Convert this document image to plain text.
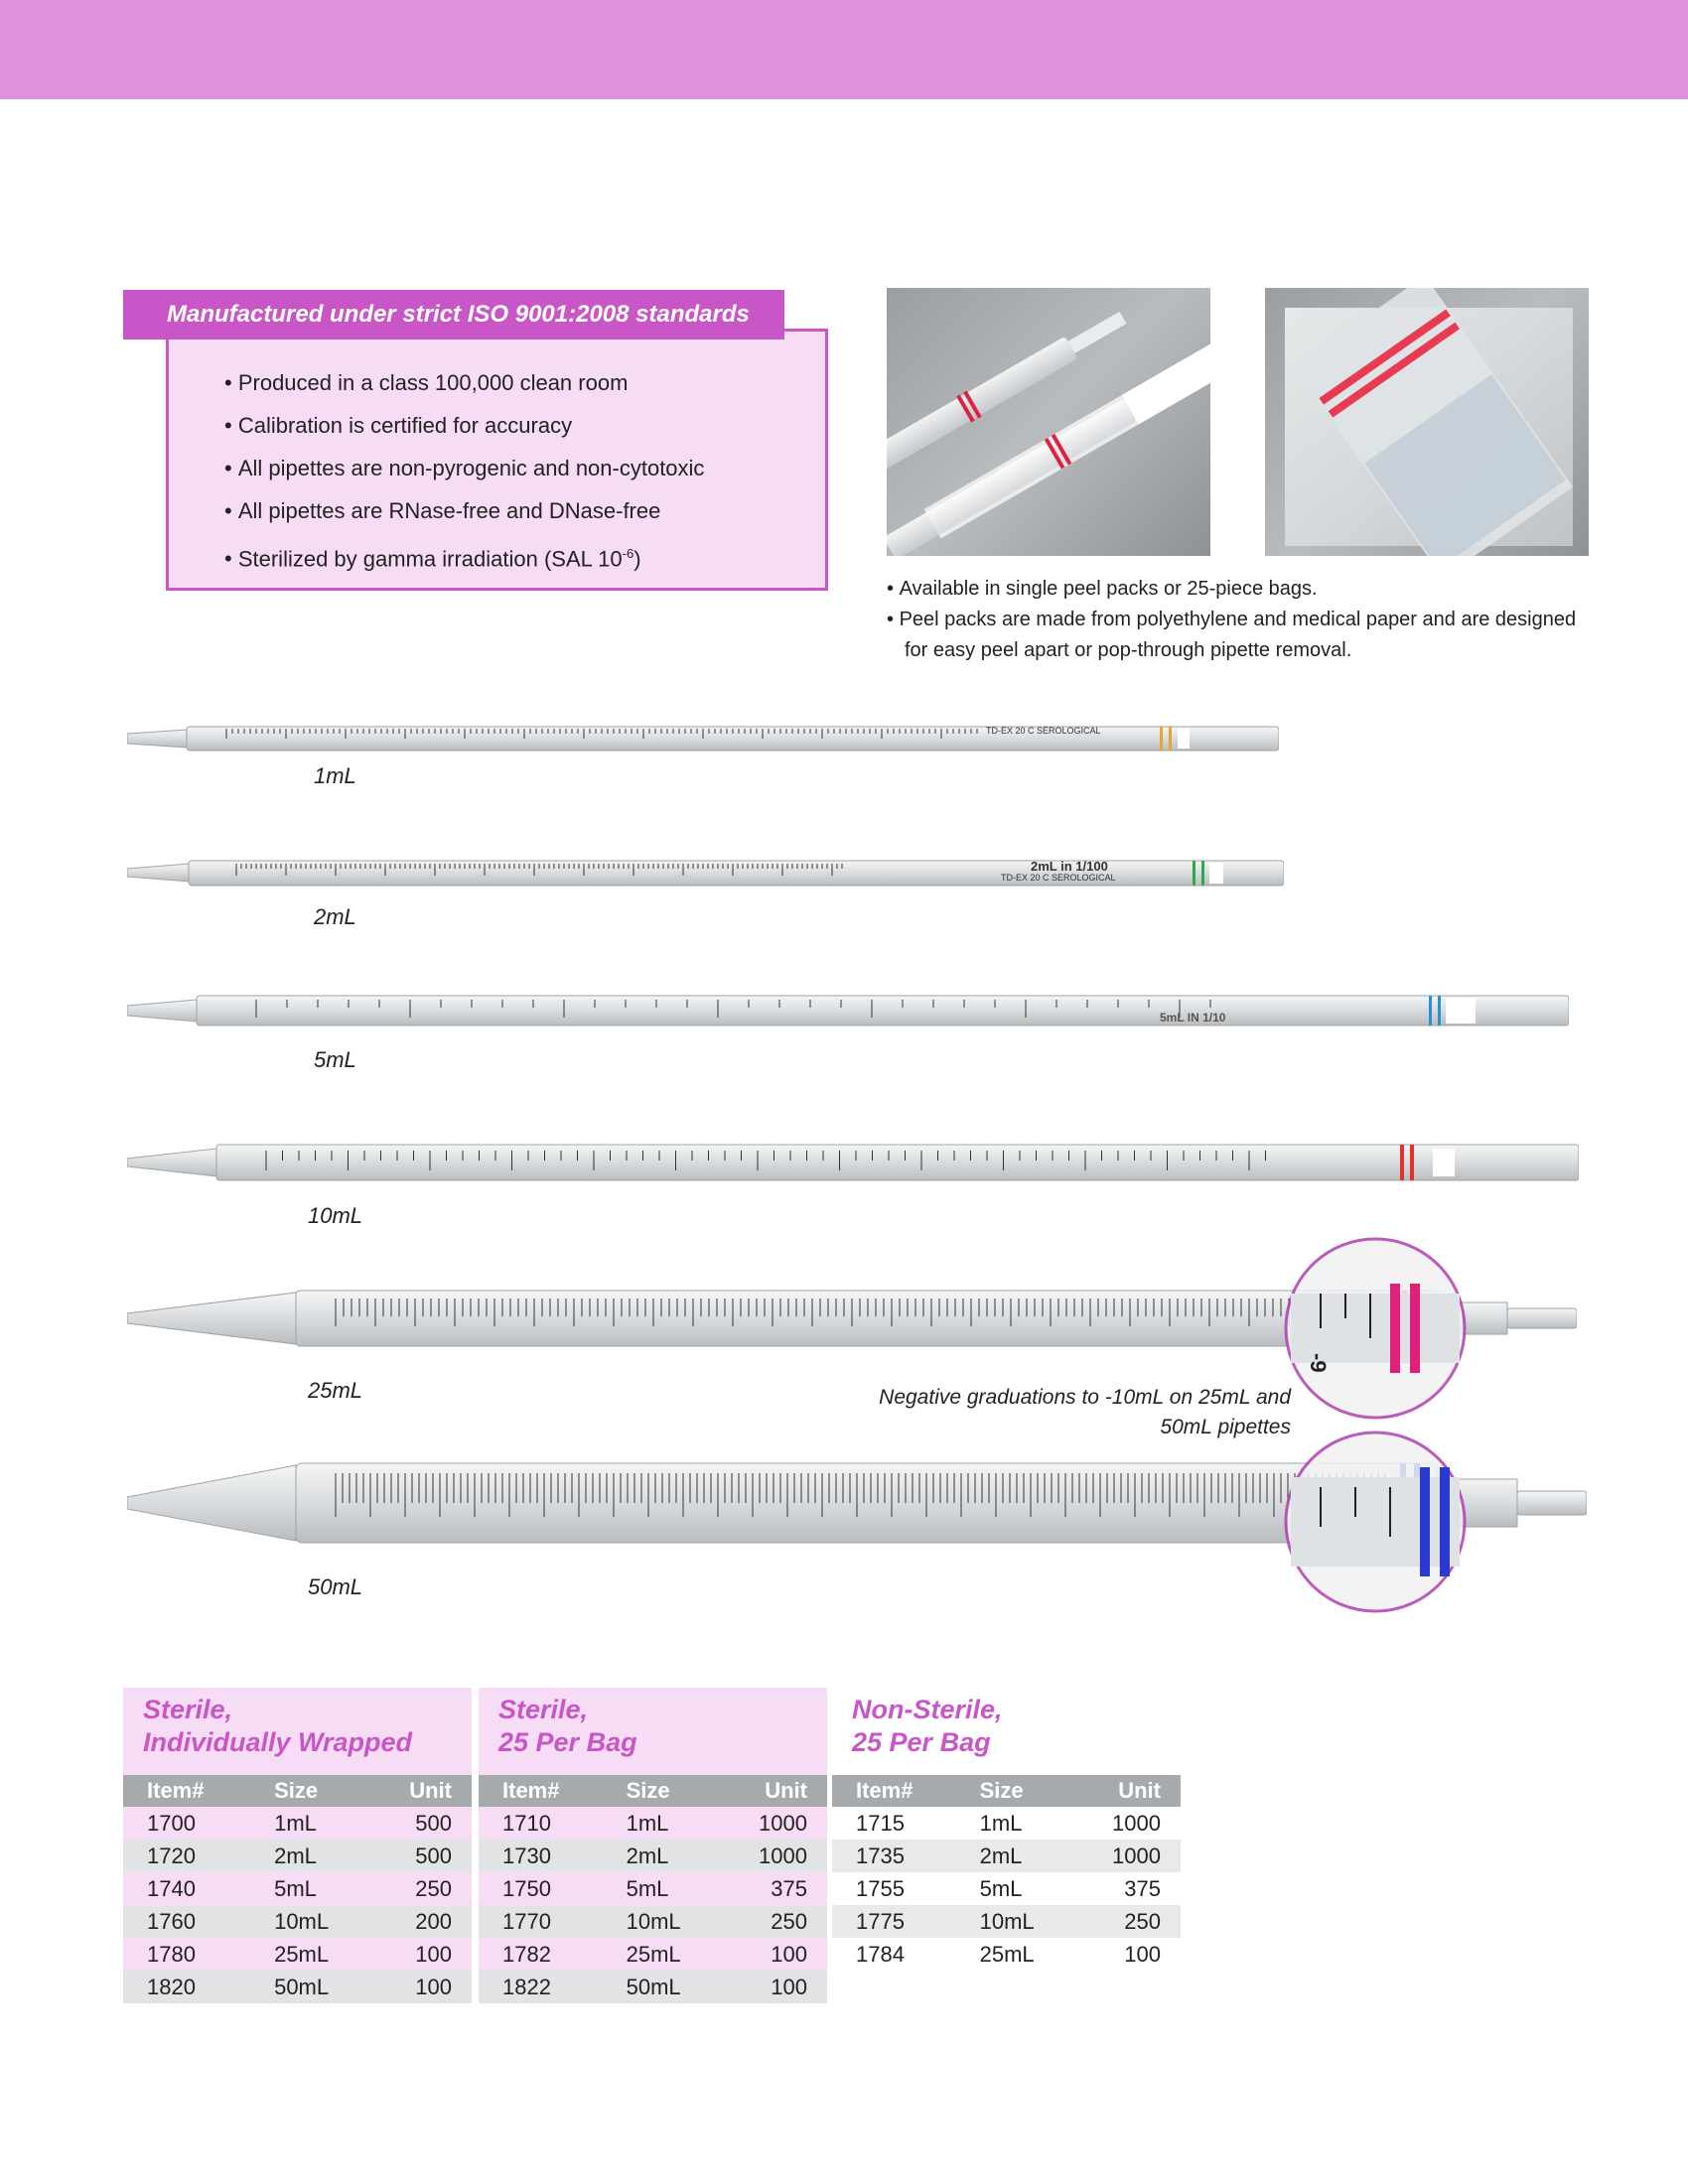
• Produced in a class 100,000 clean room
• Calibration is certified for accuracy
• All pipettes are non-pyrogenic and non-cytotoxic
• All pipettes are RNase-free and DNase-free
• Sterilized by gamma irradiation (SAL $10^{-6}$)
Manufactured under strict ISO 9001:2008 standards
• Available in single peel packs or 25-piece bags.
• Peel packs are made from polyethylene and medical paper and are designed for easy peel apart or pop-through pipette removal.
TD-EX 20 C SEROLOGICAL
1mL
2mL in 1/100
TD-EX 20 C SEROLOGICAL
2mL
5mL IN 1/10
5mL
10mL
-9
25mL
50mL
Negative graduations to -10mL on 25mL and 50mL pipettes
Sterile,
Individually Wrapped
Item#	Size	Unit
1700	1mL	500
1720	2mL	500
1740	5mL	250
1760	10mL	200
1780	25mL	100
1820	50mL	100
Sterile,
25 Per Bag
Item#	Size	Unit
1710	1mL	1000
1730	2mL	1000
1750	5mL	375
1770	10mL	250
1782	25mL	100
1822	50mL	100
Non-Sterile,
25 Per Bag
Item#	Size	Unit
1715	1mL	1000
1735	2mL	1000
1755	5mL	375
1775	10mL	250
1784	25mL	100
